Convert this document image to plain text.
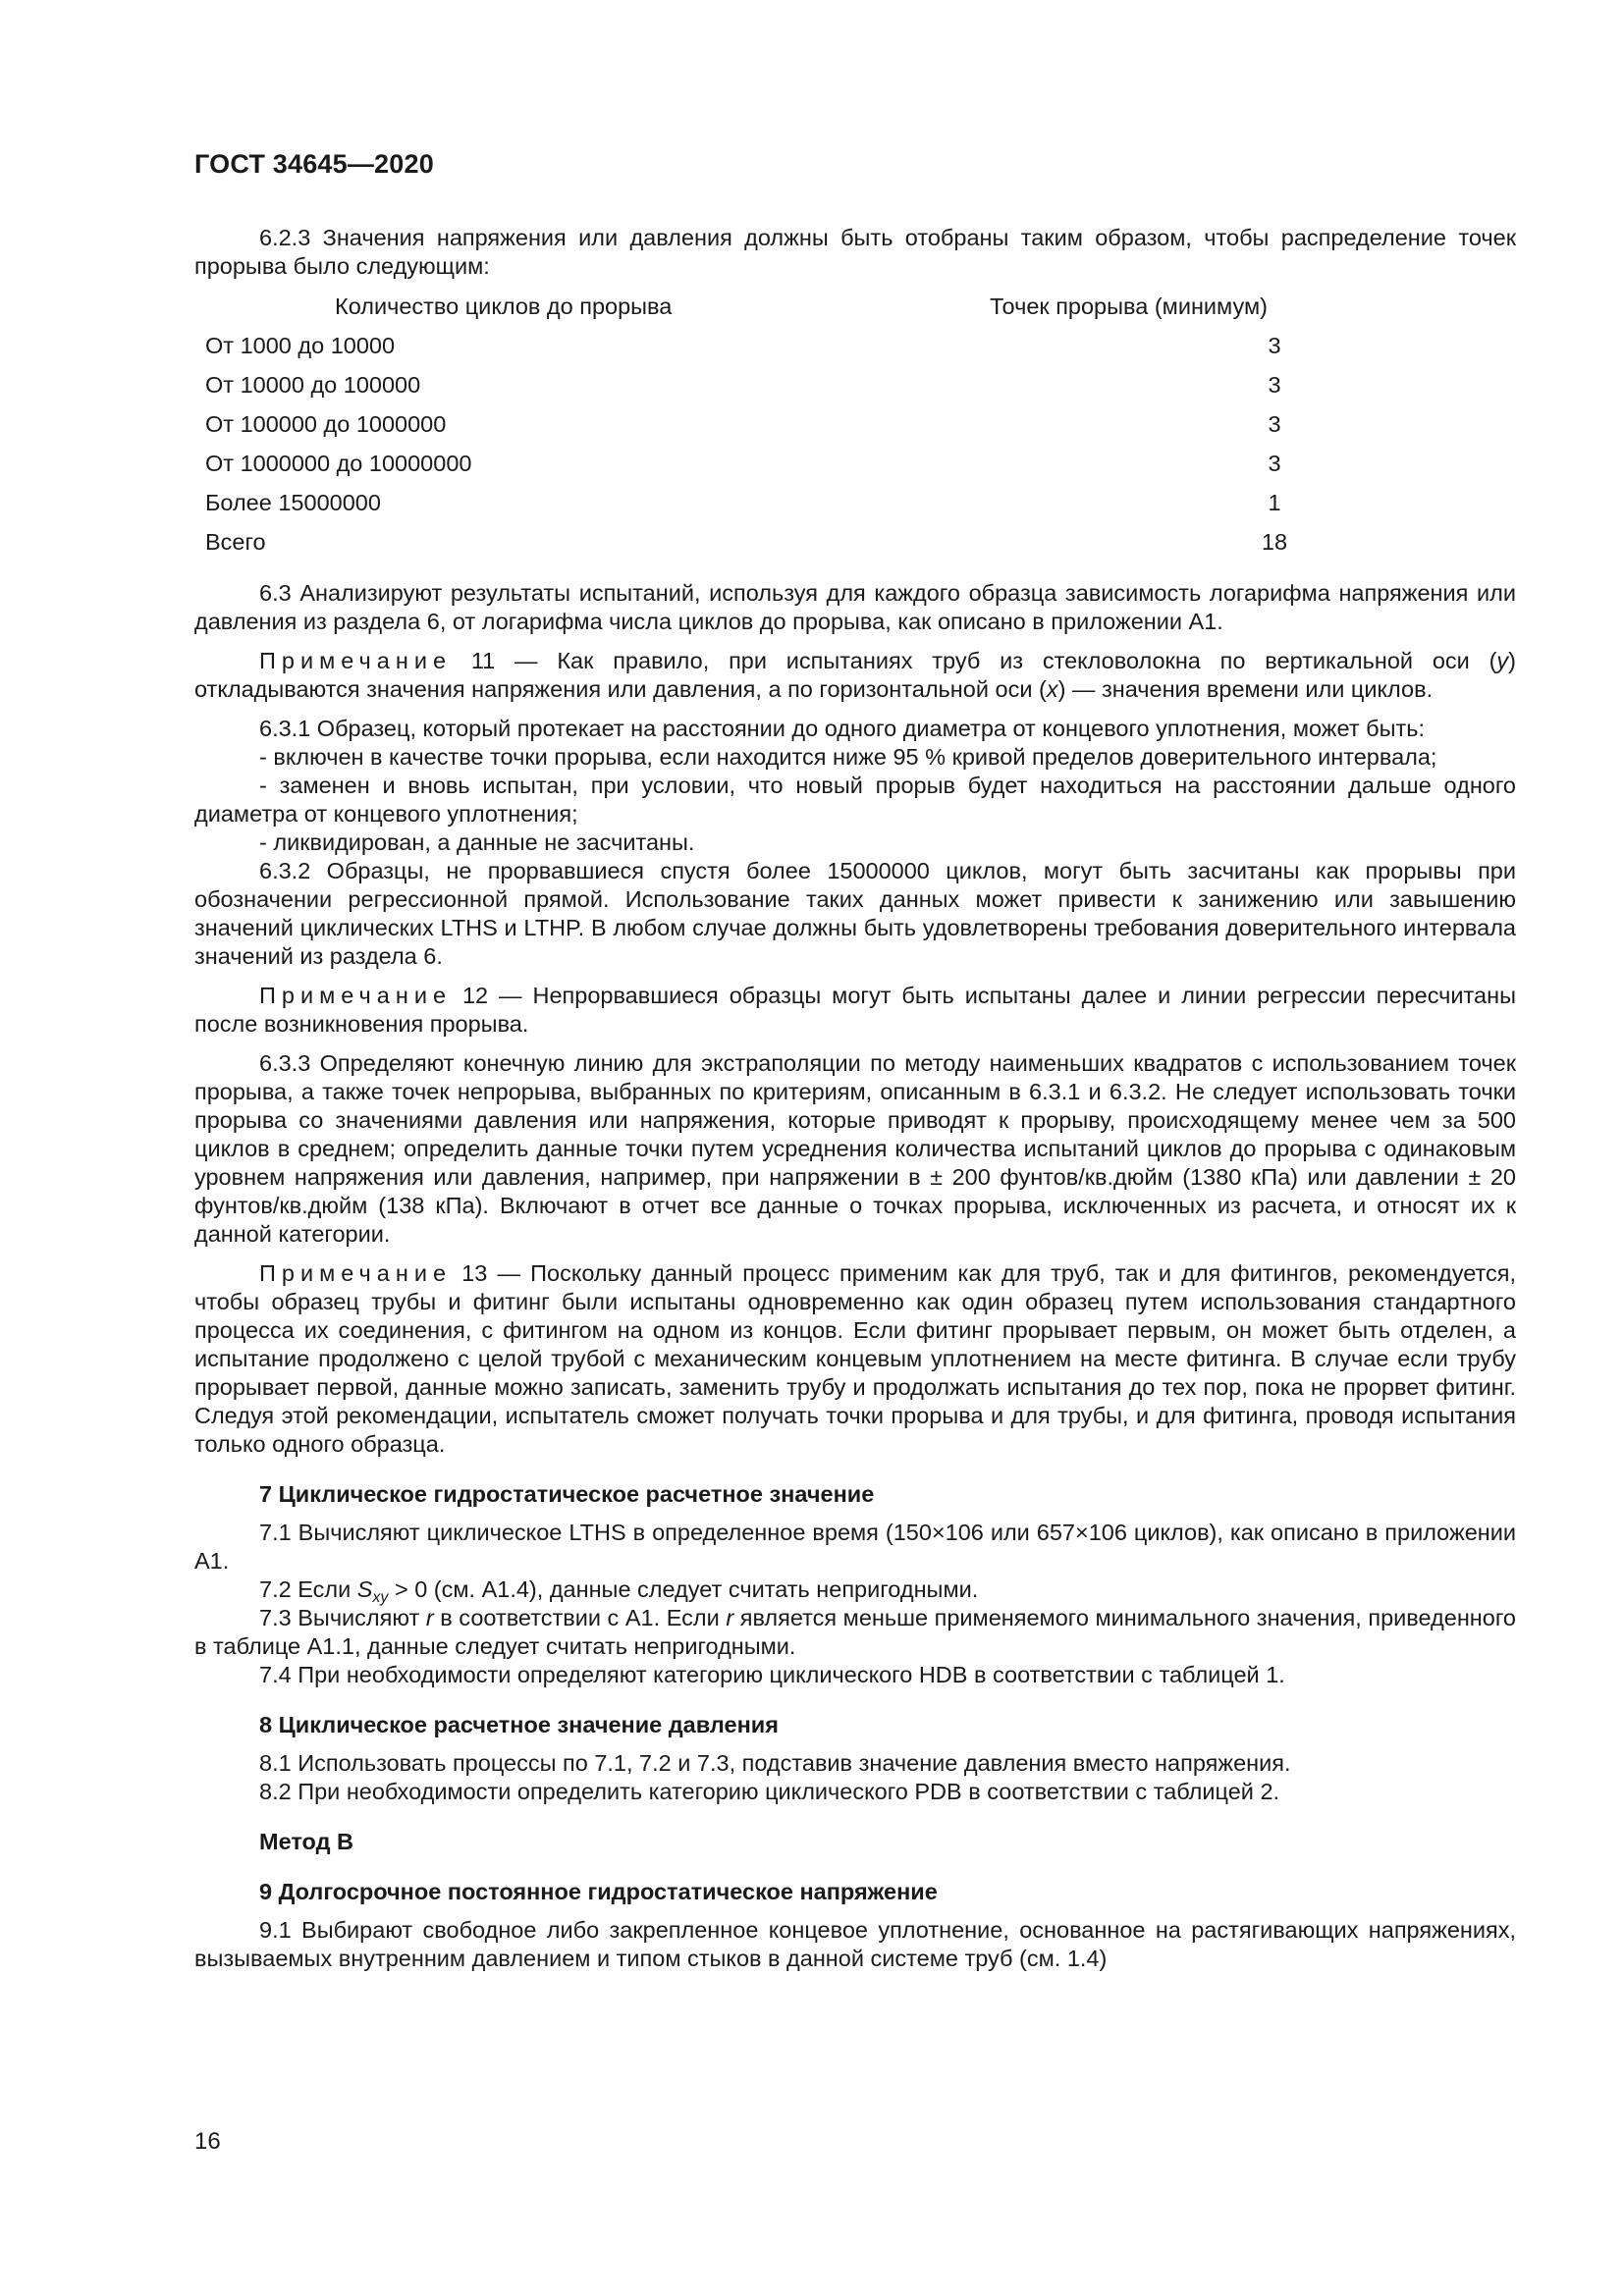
ГОСТ 34645—2020

6.2.3 Значения напряжения или давления должны быть отобраны таким образом, чтобы распределение точек прорыва было следующим:

Количество циклов до прорыва	Точек прорыва (минимум)
От 1000 до 10000	3
От 10000 до 100000	3
От 100000 до 1000000	3
От 1000000 до 10000000	3
Более 15000000	1
Всего	18

6.3 Анализируют результаты испытаний, используя для каждого образца зависимость логарифма напряжения или давления из раздела 6, от логарифма числа циклов до прорыва, как описано в приложении А1.

Примечание 11 — Как правило, при испытаниях труб из стекловолокна по вертикальной оси (у) откладываются значения напряжения или давления, а по горизонтальной оси (х) — значения времени или циклов.

6.3.1 Образец, который протекает на расстоянии до одного диаметра от концевого уплотнения, может быть:

- включен в качестве точки прорыва, если находится ниже 95 % кривой пределов доверительного интервала;

- заменен и вновь испытан, при условии, что новый прорыв будет находиться на расстоянии дальше одного диаметра от концевого уплотнения;

- ликвидирован, а данные не засчитаны.

6.3.2 Образцы, не прорвавшиеся спустя более 15000000 циклов, могут быть засчитаны как прорывы при обозначении регрессионной прямой. Использование таких данных может привести к занижению или завышению значений циклических LTHS и LTHP. В любом случае должны быть удовлетворены требования доверительного интервала значений из раздела 6.

Примечание 12 — Непрорвавшиеся образцы могут быть испытаны далее и линии регрессии пересчитаны после возникновения прорыва.

6.3.3 Определяют конечную линию для экстраполяции по методу наименьших квадратов с использованием точек прорыва, а также точек непрорыва, выбранных по критериям, описанным в 6.3.1 и 6.3.2. Не следует использовать точки прорыва со значениями давления или напряжения, которые приводят к прорыву, происходящему менее чем за 500 циклов в среднем; определить данные точки путем усреднения количества испытаний циклов до прорыва с одинаковым уровнем напряжения или давления, например, при напряжении в ± 200 фунтов/кв.дюйм (1380 кПа) или давлении ± 20 фунтов/кв.дюйм (138 кПа). Включают в отчет все данные о точках прорыва, исключенных из расчета, и относят их к данной категории.

Примечание 13 — Поскольку данный процесс применим как для труб, так и для фитингов, рекомендуется, чтобы образец трубы и фитинг были испытаны одновременно как один образец путем использования стандартного процесса их соединения, с фитингом на одном из концов. Если фитинг прорывает первым, он может быть отделен, а испытание продолжено с целой трубой с механическим концевым уплотнением на месте фитинга. В случае если трубу прорывает первой, данные можно записать, заменить трубу и продолжать испытания до тех пор, пока не прорвет фитинг. Следуя этой рекомендации, испытатель сможет получать точки прорыва и для трубы, и для фитинга, проводя испытания только одного образца.

7 Циклическое гидростатическое расчетное значение

7.1 Вычисляют циклическое LTHS в определенное время (150×106 или 657×106 циклов), как описано в приложении А1.

7.2 Если $S_{xy} > 0$ (см. А1.4), данные следует считать непригодными.

7.3 Вычисляют r в соответствии с А1. Если r является меньше применяемого минимального значения, приведенного в таблице А1.1, данные следует считать непригодными.

7.4 При необходимости определяют категорию циклического HDB в соответствии с таблицей 1.

8 Циклическое расчетное значение давления

8.1 Использовать процессы по 7.1, 7.2 и 7.3, подставив значение давления вместо напряжения.

8.2 При необходимости определить категорию циклического PDB в соответствии с таблицей 2.

Метод В
9 Долгосрочное постоянное гидростатическое напряжение

9.1 Выбирают свободное либо закрепленное концевое уплотнение, основанное на растягивающих напряжениях, вызываемых внутренним давлением и типом стыков в данной системе труб (см. 1.4)

16
